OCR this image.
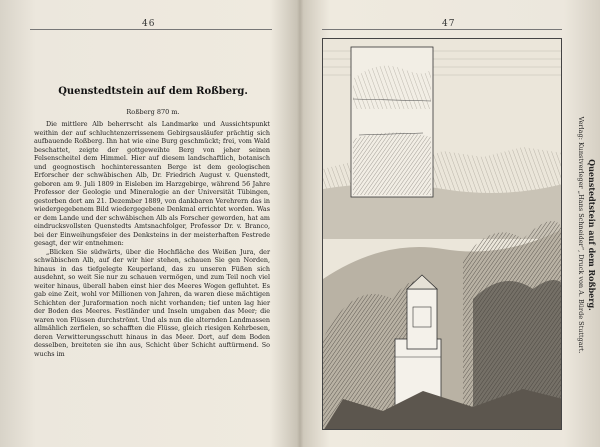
46
Quenstedtstein auf dem Roßberg.
Roßberg 870 m.

Die mittlere Alb beherrscht als Landmarke und Aussichtspunkt weithin der auf schluchtenzerrissenem Gebirgsausläufer prächtig sich aufbauende Roßberg. Ihn hat wie eine Burg geschmückt; frei, vom Wald beschattet, zeigte der gottgeweihte Berg von jeher seinen Felsenscheitel dem Himmel. Hier auf diesem landschaftlich, botanisch und geognostisch hochinteressanten Berge ist dem geologischen Erforscher der schwäbischen Alb, Dr. Friedrich August v. Quenstedt, geboren am 9. Juli 1809 in Eisleben im Harzgebirge, während 56 Jahre Professor der Geologie und Mineralogie an der Universität Tübingen, gestorben dort am 21. Dezember 1889, von dankbaren Verehrern das in wiedergegebenem Bild wiedergegebene Denkmal errichtet worden. Was er dem Lande und der schwäbischen Alb als Forscher geworden, hat am eindrucksvollsten Quenstedts Amtsnachfolger, Professor Dr. v. Branco, bei der Einweihungsfeier des Denksteins in der meisterhaften Festrede gesagt, der wir entnehmen:

„Blicken Sie südwärts, über die Hochfläche des Weißen Jura, der schwäbischen Alb, auf der wir hier stehen, schauen Sie gen Norden, hinaus in das tiefgelegte Keuperland, das zu unseren Füßen sich ausdehnt, so weit Sie nur zu schauen vermögen, und zum Teil noch viel weiter hinaus, überall haben einst hier des Meeres Wogen gefluhtet. Es gab eine Zeit, wohl vor Millionen von Jahren, da waren diese mächtigen Schichten der Juraformation noch nicht vorhanden; tief unten lag hier der Boden des Meeres. Festländer und Inseln umgaben das Meer; die waren von Flüssen durchströmt. Und als nun die alternden Landmassen allmählich zerfielen, so schafften die Flüsse, gleich riesigen Kehrbesen, deren Verwitterungsschutt hinaus in das Meer. Dort, auf dem Boden desselben, breiteten sie ihn aus, Schicht über Schicht auftürmend. So wuchs im

47
Quenstedtstein auf dem Roßberg.
Verlag: Kunstverleger „Hans Schneider“, Druck von A. Bürde Stuttgart.
